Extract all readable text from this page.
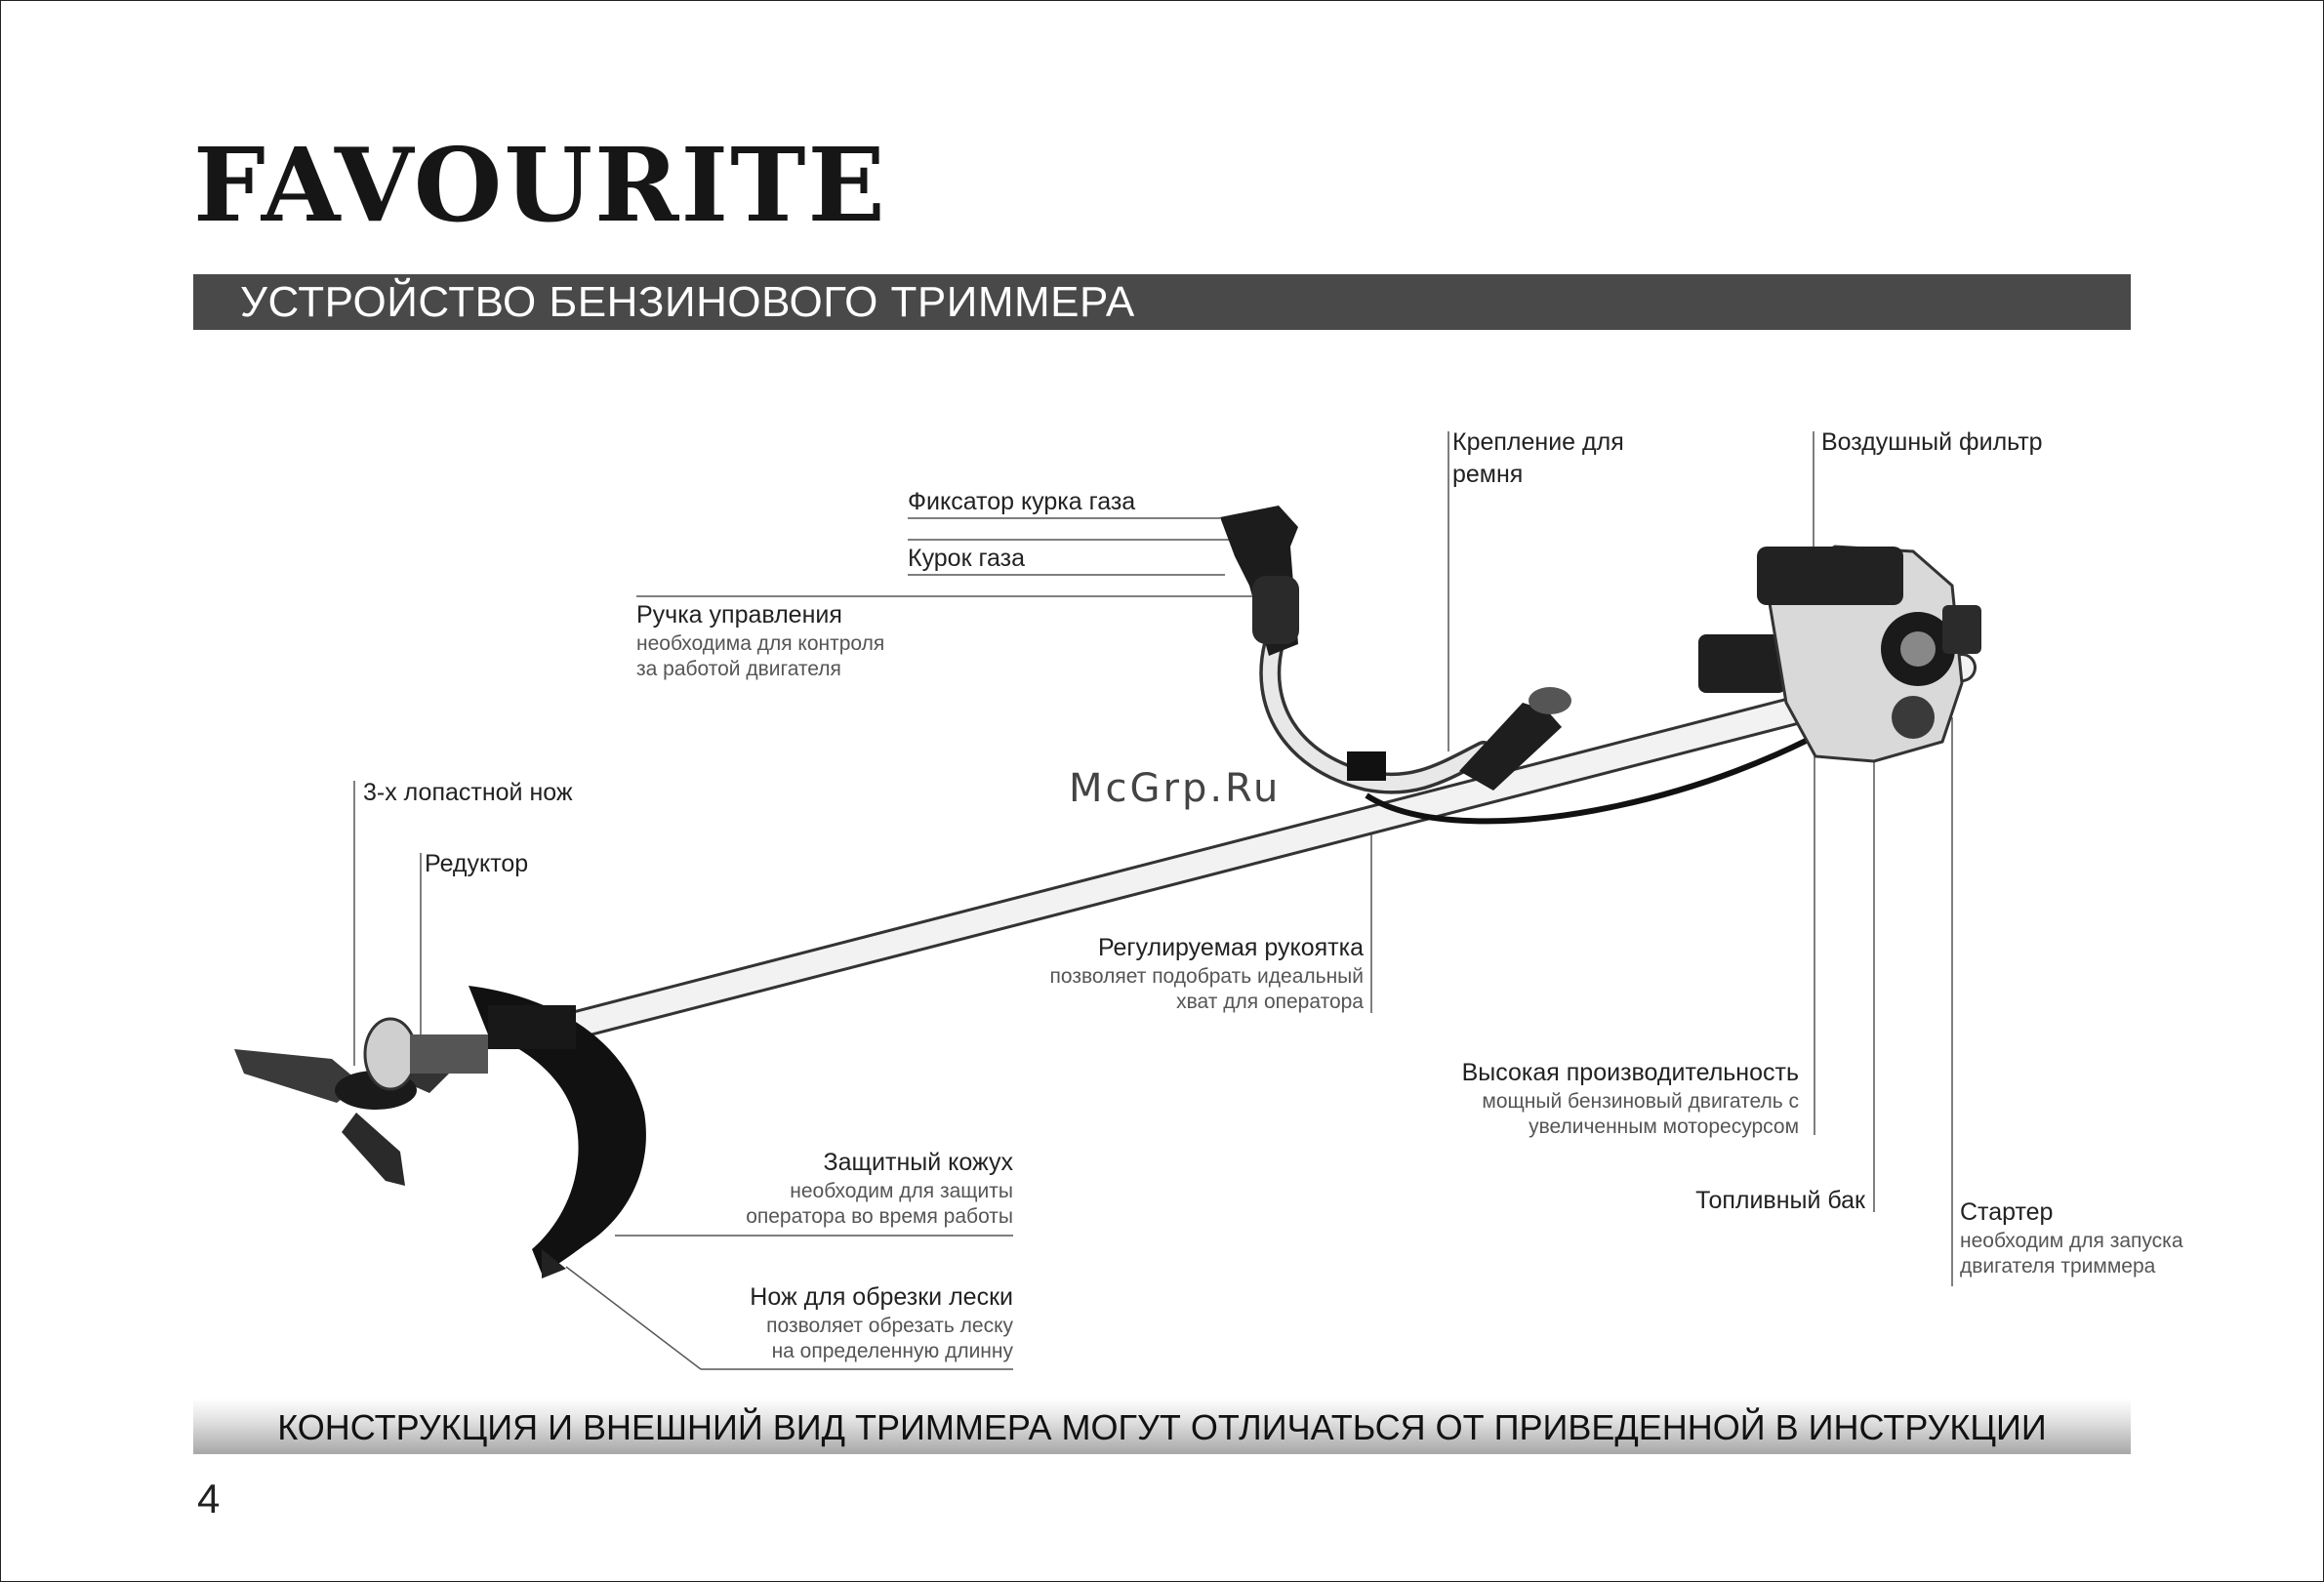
FAVOURITE
УСТРОЙСТВО БЕНЗИНОВОГО ТРИММЕРА
McGrp.Ru
Фиксатор курка газа
Курок газа
Ручка управления
необходима для контроля
за работой двигателя
Крепление для
ремня
Воздушный фильтр
3-х лопастной нож
Редуктор
Регулируемая рукоятка
позволяет подобрать идеальный
хват для оператора
Высокая производительность
мощный бензиновый двигатель с
увеличенным моторесурсом
Топливный бак	Стартер
необходим для запуска
двигателя триммера
Защитный кожух
необходим для защиты
оператора во время работы
Нож для обрезки лески
позволяет обрезать леску
на определенную длинну
КОНСТРУКЦИЯ И ВНЕШНИЙ ВИД ТРИММЕРА МОГУТ ОТЛИЧАТЬСЯ ОТ ПРИВЕДЕННОЙ В ИНСТРУКЦИИ
4
